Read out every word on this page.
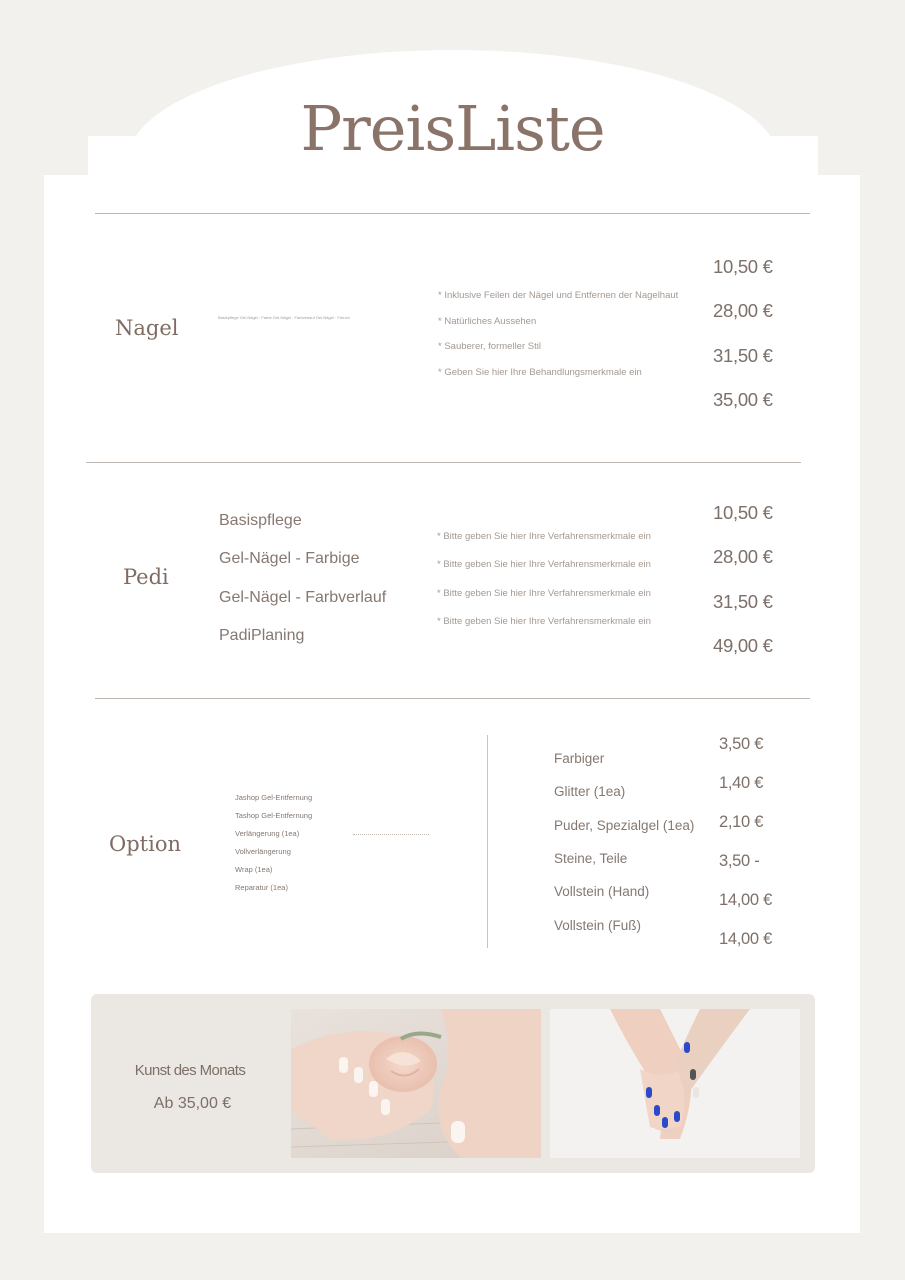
PreisListe
Nagel	Basispflege Gel-Nägel · Farbe Gel-Nägel · Farbverlauf Gel-Nägel · French
* Inklusive Feilen der Nägel und Entfernen der Nagelhaut
* Natürliches Aussehen
* Sauberer, formeller Stil
* Geben Sie hier Ihre Behandlungsmerkmale ein
10,50 €
28,00 €
31,50 €
35,00 €
Pedi
Basispflege
Gel-Nägel - Farbige
Gel-Nägel - Farbverlauf
PadiPlaning
* Bitte geben Sie hier Ihre Verfahrensmerkmale ein
* Bitte geben Sie hier Ihre Verfahrensmerkmale ein
* Bitte geben Sie hier Ihre Verfahrensmerkmale ein
* Bitte geben Sie hier Ihre Verfahrensmerkmale ein
10,50 €
28,00 €
31,50 €
49,00 €
Option
Jashop Gel-Entfernung
Tashop Gel-Entfernung
Verlängerung (1ea)
Vollverlängerung
Wrap (1ea)
Reparatur (1ea)
Farbiger
Glitter (1ea)
Puder, Spezialgel (1ea)
Steine, Teile
Vollstein (Hand)
Vollstein (Fuß)
3,50 €
1,40 €
2,10 €
3,50 -
14,00 €
14,00 €
Kunst des Monats
Ab 35,00 €
